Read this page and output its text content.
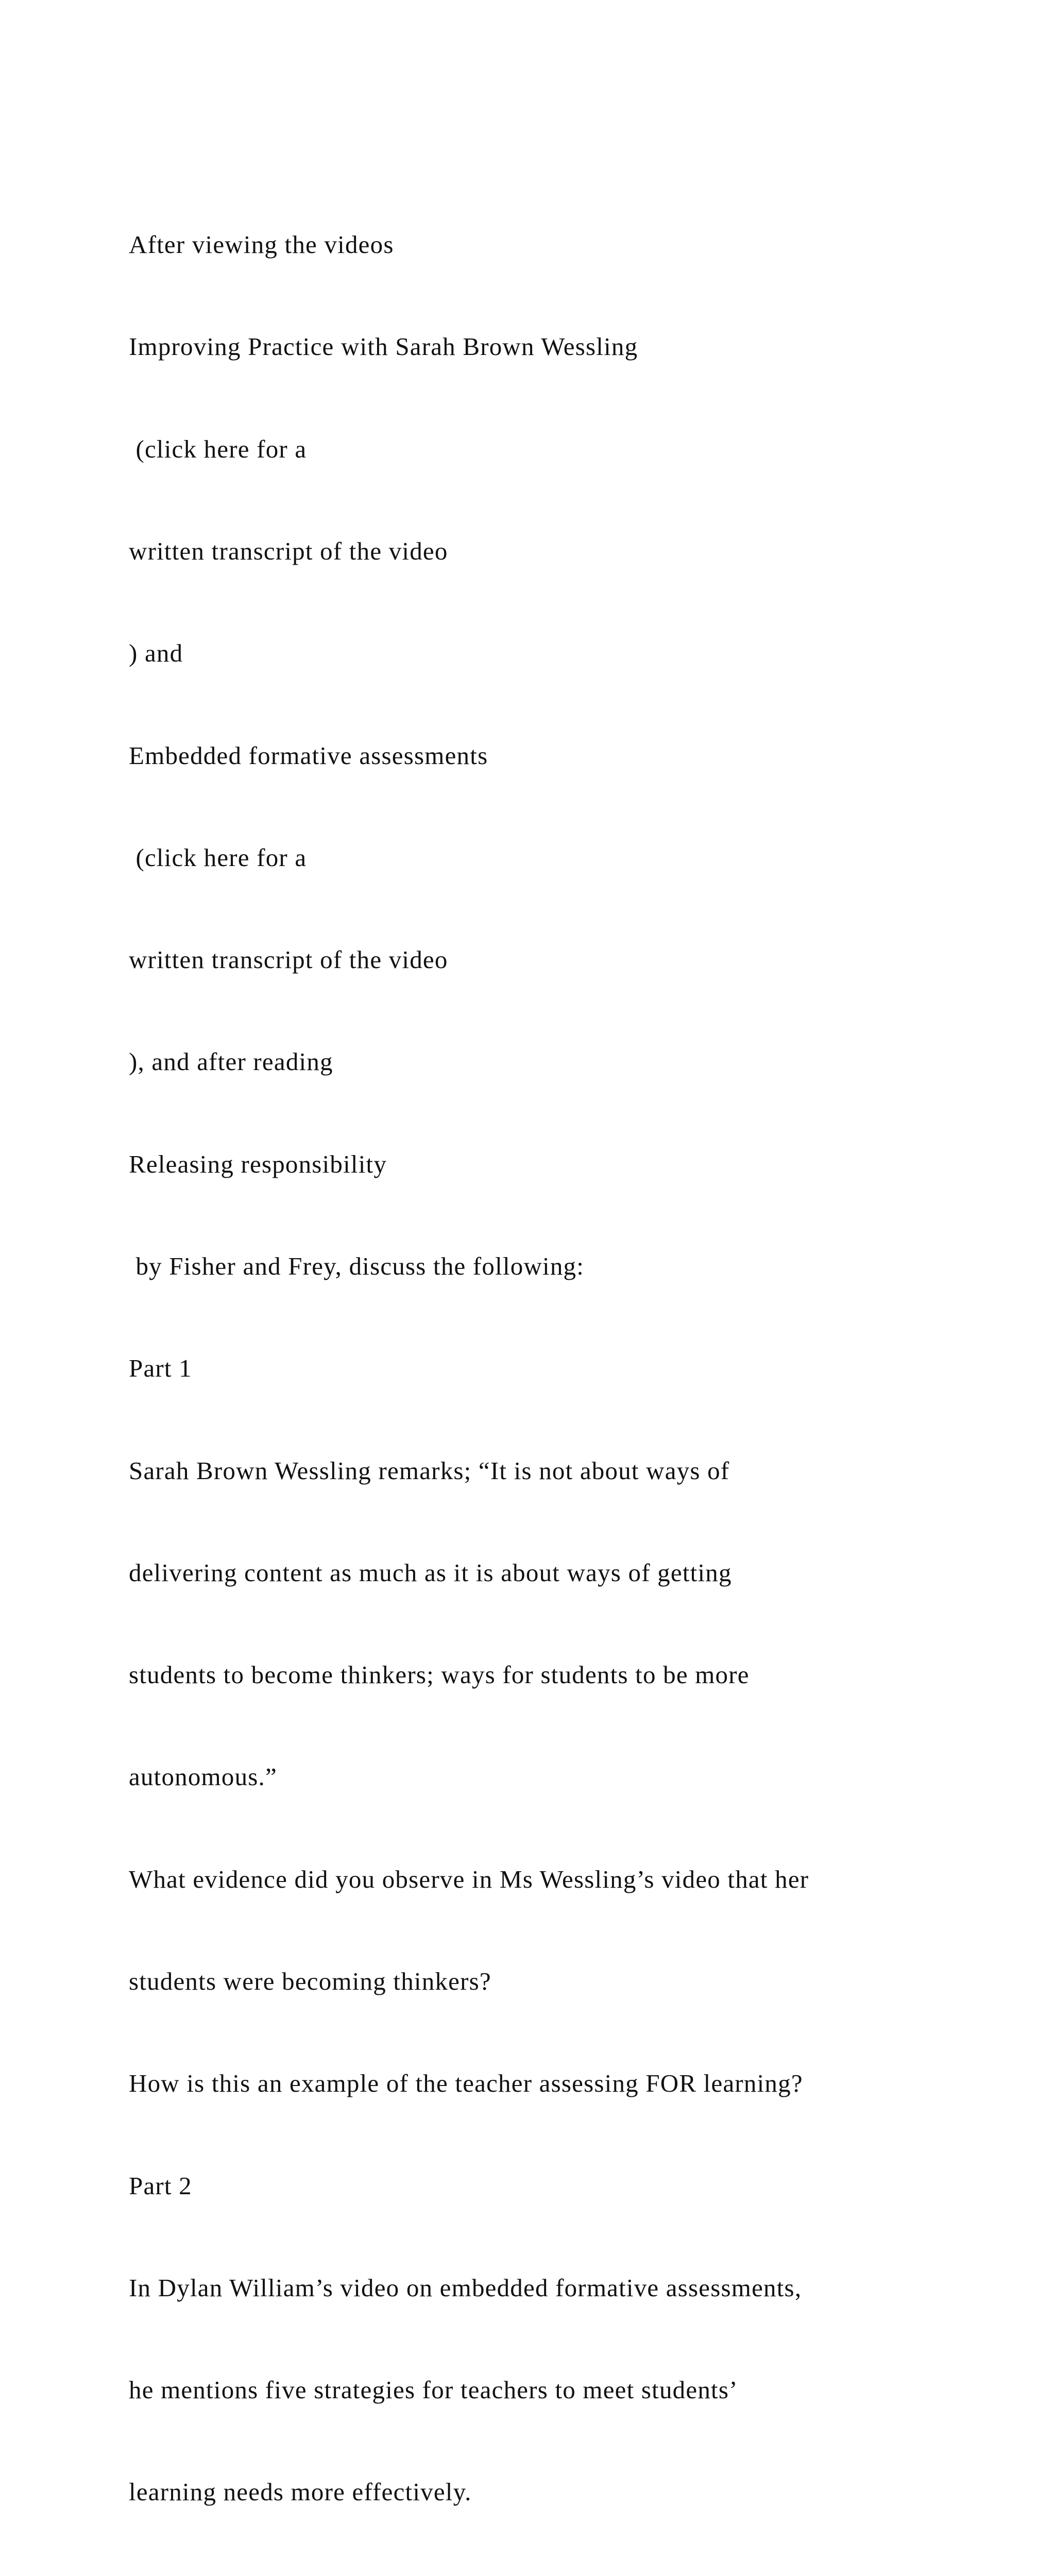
After viewing the videos

Improving Practice with Sarah Brown Wessling

(click here for a

written transcript of the video

) and

Embedded formative assessments

(click here for a

written transcript of the video

), and after reading

Releasing responsibility

by Fisher and Frey, discuss the following:

Part 1

Sarah Brown Wessling remarks; “It is not about ways of

delivering content as much as it is about ways of getting

students to become thinkers; ways for students to be more

autonomous.”

What evidence did you observe in Ms Wessling’s video that her

students were becoming thinkers?

How is this an example of the teacher assessing FOR learning?

Part 2

In Dylan William’s video on embedded formative assessments,

he mentions five strategies for teachers to meet students’

learning needs more effectively.
